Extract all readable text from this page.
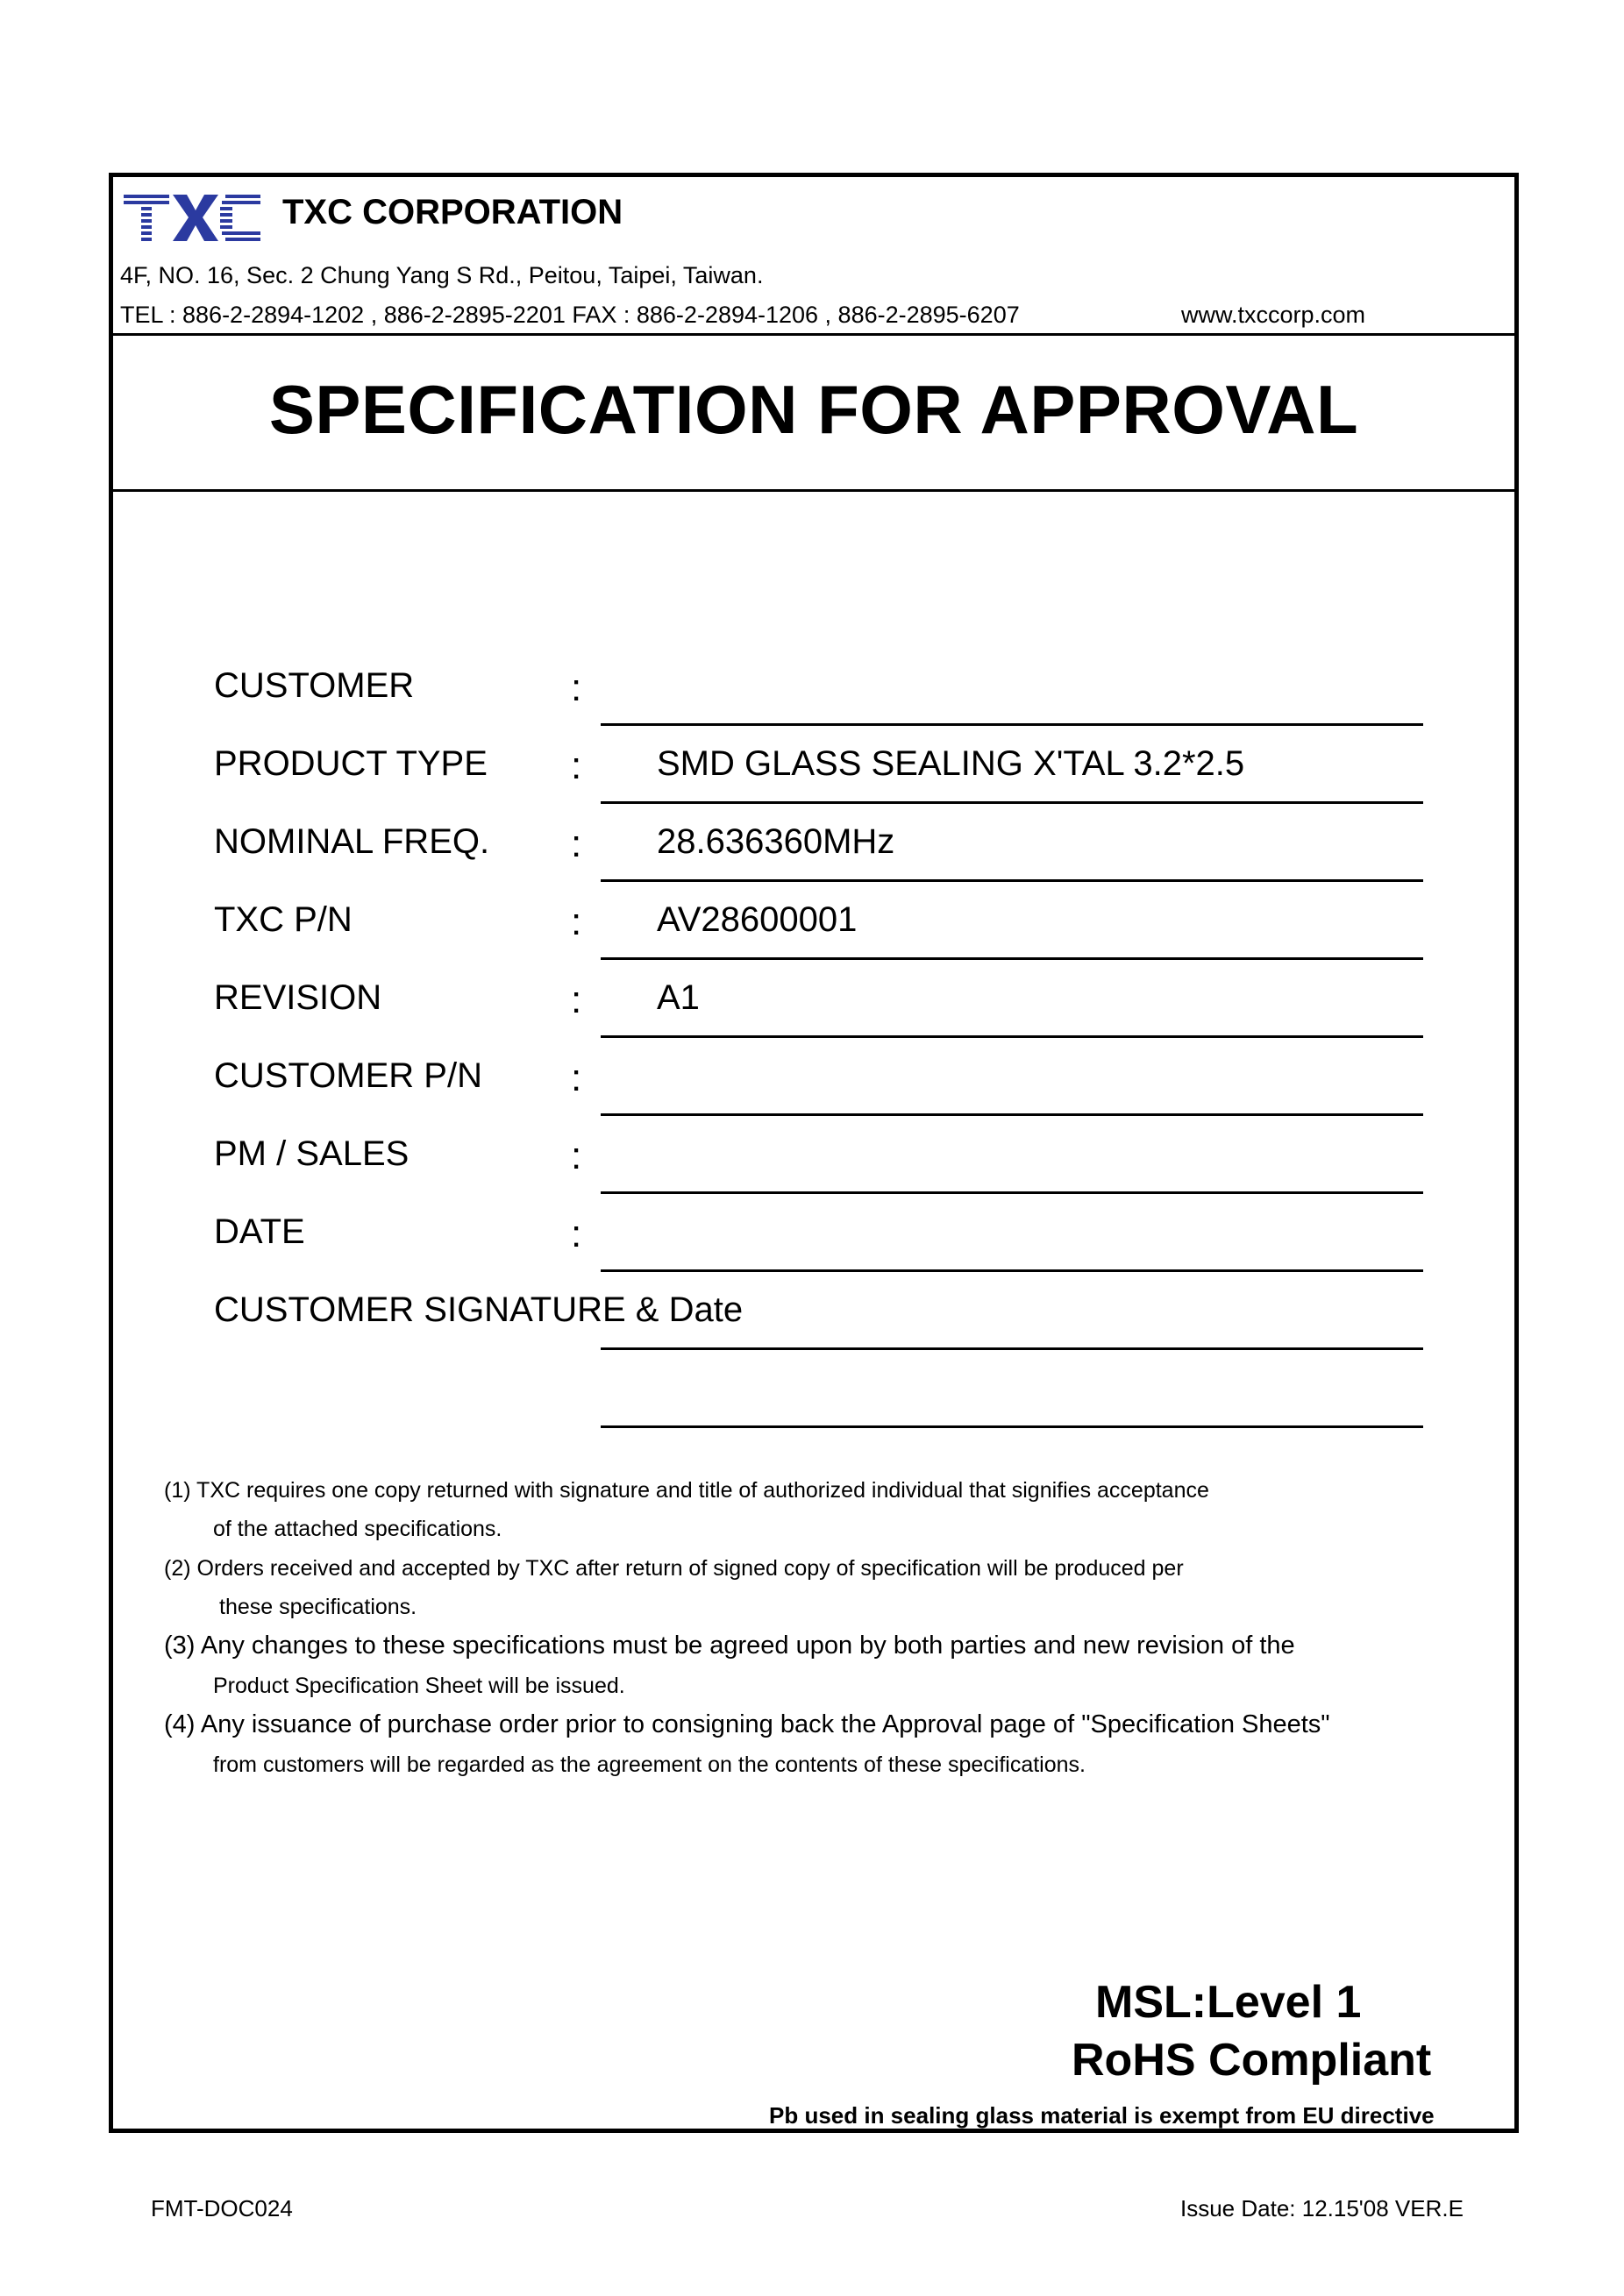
TXC CORPORATION
4F, NO. 16, Sec. 2 Chung Yang S Rd., Peitou, Taipei, Taiwan.
TEL : 886-2-2894-1202 , 886-2-2895-2201 FAX : 886-2-2894-1206 , 886-2-2895-6207	www.txccorp.com
SPECIFICATION FOR APPROVAL
CUSTOMER	:
PRODUCT TYPE : SMD GLASS SEALING X'TAL 3.2*2.5
NOMINAL FREQ. : 28.636360MHz
TXC P/N	: AV28600001
REVISION	: A1
CUSTOMER P/N :
PM / SALES	:
DATE	:
CUSTOMER SIGNATURE & Date
(1) TXC requires one copy returned with signature and title of authorized individual that signifies acceptance
of the attached specifications.
(2) Orders received and accepted by TXC after return of signed copy of specification will be produced per
these specifications.
(3) Any changes to these specifications must be agreed upon by both parties and new revision of the
Product Specification Sheet will be issued.
(4) Any issuance of purchase order prior to consigning back the Approval page of "Specification Sheets"
from customers will be regarded as the agreement on the contents of these specifications.
MSL:Level 1
RoHS Compliant
Pb used in sealing glass material is exempt from EU directive
FMT-DOC024	Issue Date: 12.15'08 VER.E
